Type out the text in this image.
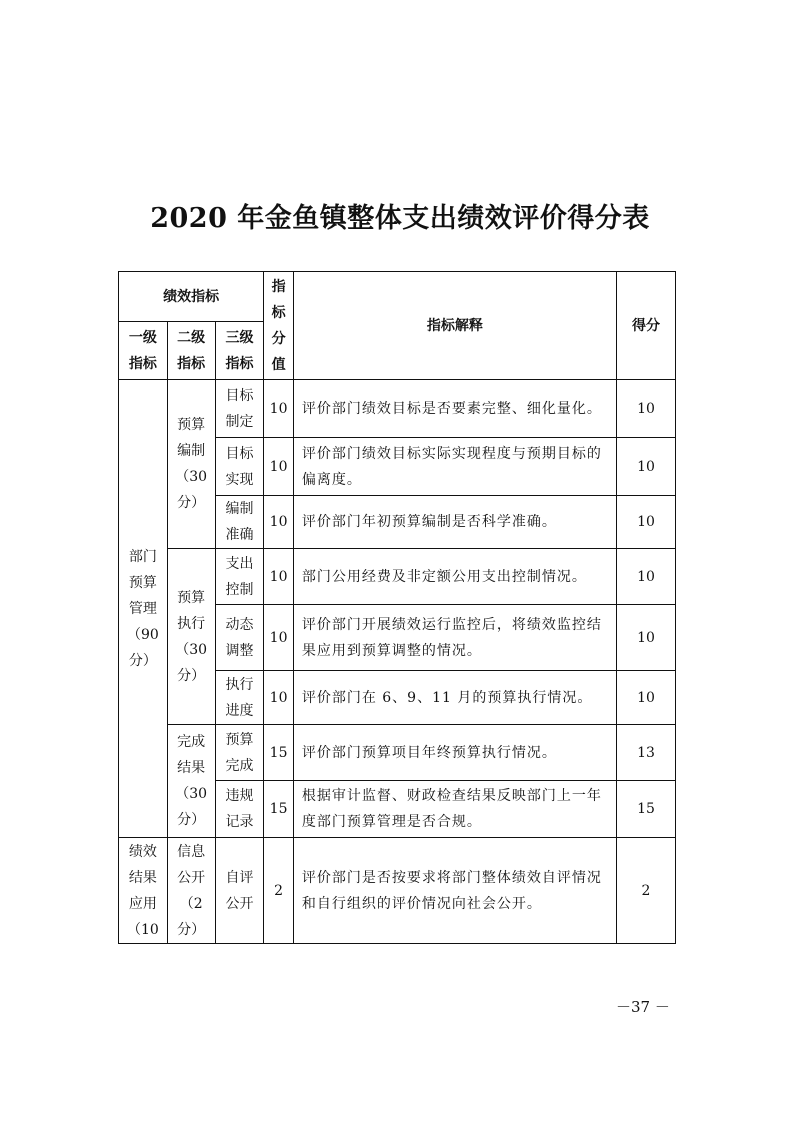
2020 年金鱼镇整体支出绩效评价得分表
绩效指标			指标分值	指标解释	得分

一级指标	二级指标	三级指标			

部门预算管理（90分）	预算编制（30分）	目标制定	10	评价部门绩效目标是否要素完整、细化量化。	10

		目标实现	10	评价部门绩效目标实际实现程度与预期目标的偏离度。	10

		编制准确	10	评价部门年初预算编制是否科学准确。	10

	预算执行（30分）	支出控制	10	部门公用经费及非定额公用支出控制情况。	10

		动态调整	10	评价部门开展绩效运行监控后，将绩效监控结果应用到预算调整的情况。	10

		执行进度	10	评价部门在 6、9、11 月的预算执行情况。	10

	完成结果（30分）	预算完成	15	评价部门预算项目年终预算执行情况。	13

		违规记录	15	根据审计监督、财政检查结果反映部门上一年度部门预算管理是否合规。	15

绩效结果应用（10	信息公开（2分）	自评公开	2	评价部门是否按要求将部门整体绩效自评情况和自行组织的评价情况向社会公开。	2
－37 －
